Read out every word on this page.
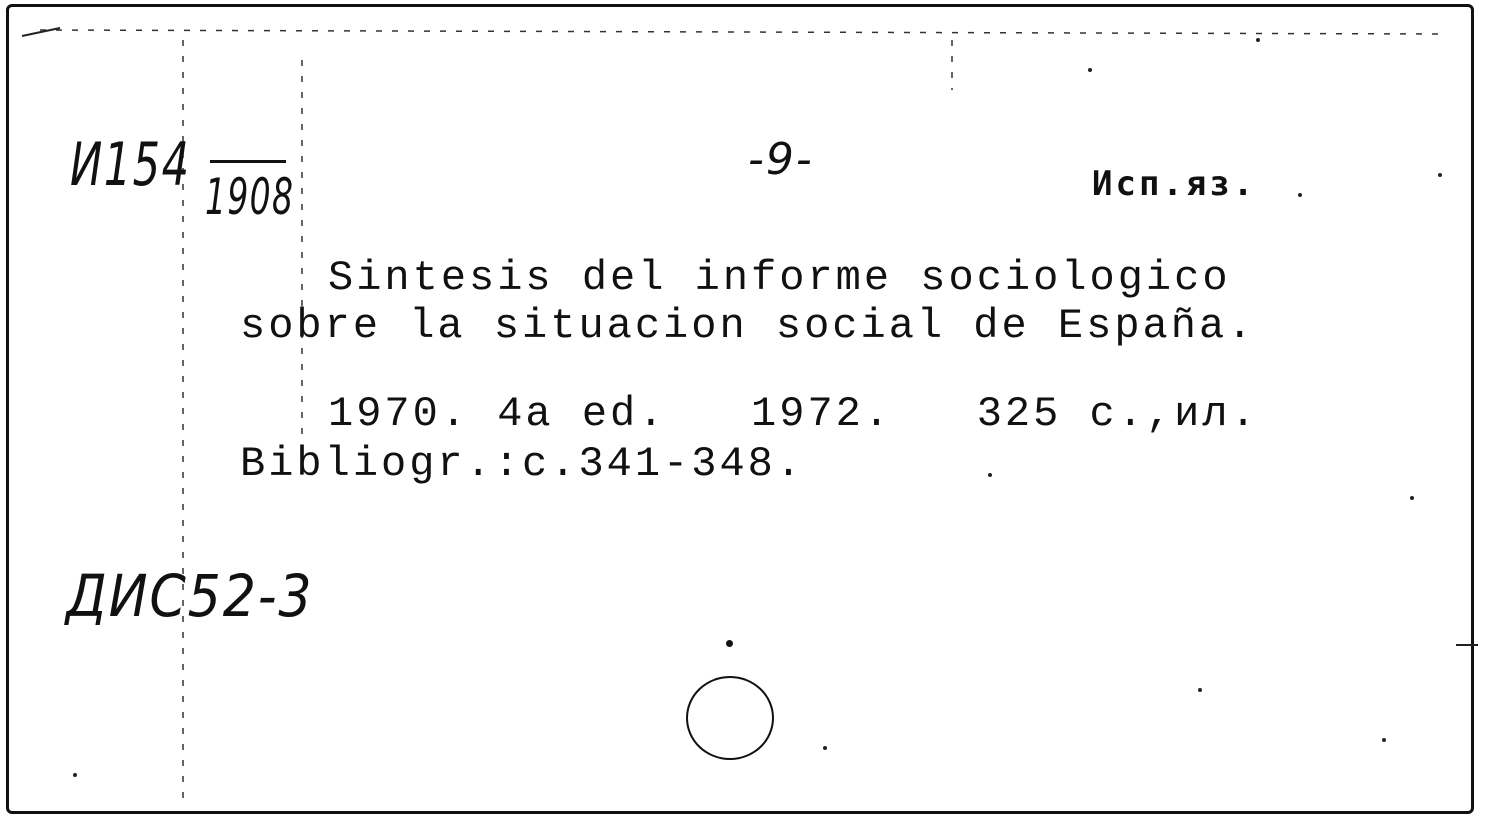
И154 1908
-9-	Исп.яз.
Sintesis del informe sociologico
sobre la situacion social de España.
1970. 4a ed.   1972.   325 c.,ил.
Bibliogr.:c.341-348.
ДИС52-3
